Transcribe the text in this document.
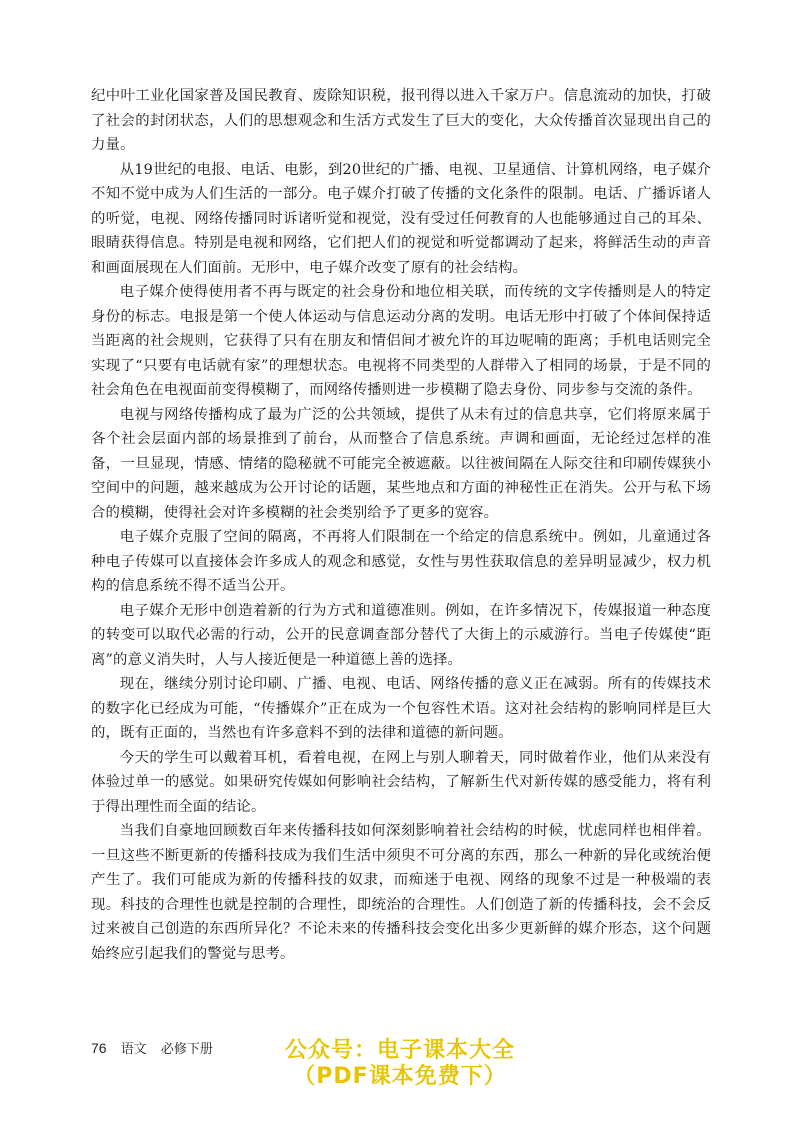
纪中叶工业化国家普及国民教育、废除知识税，报刊得以进入千家万户。信息流动的加快，打破了社会的封闭状态，人们的思想观念和生活方式发生了巨大的变化，大众传播首次显现出自己的力量。

从19世纪的电报、电话、电影，到20世纪的广播、电视、卫星通信、计算机网络，电子媒介不知不觉中成为人们生活的一部分。电子媒介打破了传播的文化条件的限制。电话、广播诉诸人的听觉，电视、网络传播同时诉诸听觉和视觉，没有受过任何教育的人也能够通过自己的耳朵、眼睛获得信息。特别是电视和网络，它们把人们的视觉和听觉都调动了起来，将鲜活生动的声音和画面展现在人们面前。无形中，电子媒介改变了原有的社会结构。

电子媒介使得使用者不再与既定的社会身份和地位相关联，而传统的文字传播则是人的特定身份的标志。电报是第一个使人体运动与信息运动分离的发明。电话无形中打破了个体间保持适当距离的社会规则，它获得了只有在朋友和情侣间才被允许的耳边呢喃的距离；手机电话则完全实现了“只要有电话就有家”的理想状态。电视将不同类型的人群带入了相同的场景，于是不同的社会角色在电视面前变得模糊了，而网络传播则进一步模糊了隐去身份、同步参与交流的条件。

电视与网络传播构成了最为广泛的公共领域，提供了从未有过的信息共享，它们将原来属于各个社会层面内部的场景推到了前台，从而整合了信息系统。声调和画面，无论经过怎样的准备，一旦显现，情感、情绪的隐秘就不可能完全被遮蔽。以往被间隔在人际交往和印刷传媒狭小空间中的问题，越来越成为公开讨论的话题，某些地点和方面的神秘性正在消失。公开与私下场合的模糊，使得社会对许多模糊的社会类别给予了更多的宽容。

电子媒介克服了空间的隔离，不再将人们限制在一个给定的信息系统中。例如，儿童通过各种电子传媒可以直接体会许多成人的观念和感觉，女性与男性获取信息的差异明显减少，权力机构的信息系统不得不适当公开。

电子媒介无形中创造着新的行为方式和道德准则。例如，在许多情况下，传媒报道一种态度的转变可以取代必需的行动，公开的民意调查部分替代了大街上的示威游行。当电子传媒使“距离”的意义消失时，人与人接近便是一种道德上善的选择。

现在，继续分别讨论印刷、广播、电视、电话、网络传播的意义正在减弱。所有的传媒技术的数字化已经成为可能，“传播媒介”正在成为一个包容性术语。这对社会结构的影响同样是巨大的，既有正面的，当然也有许多意料不到的法律和道德的新问题。

今天的学生可以戴着耳机，看着电视，在网上与别人聊着天，同时做着作业，他们从来没有体验过单一的感觉。如果研究传媒如何影响社会结构，了解新生代对新传媒的感受能力，将有利于得出理性而全面的结论。

当我们自豪地回顾数百年来传播科技如何深刻影响着社会结构的时候，忧虑同样也相伴着。一旦这些不断更新的传播科技成为我们生活中须臾不可分离的东西，那么一种新的异化或统治便产生了。我们可能成为新的传播科技的奴隶，而痴迷于电视、网络的现象不过是一种极端的表现。科技的合理性也就是控制的合理性，即统治的合理性。人们创造了新的传播科技，会不会反过来被自己创造的东西所异化？不论未来的传播科技会变化出多少更新鲜的媒介形态，这个问题始终应引起我们的警觉与思考。

76 语文 必修下册	公众号：电子课本大全
（PDF课本免费下）
